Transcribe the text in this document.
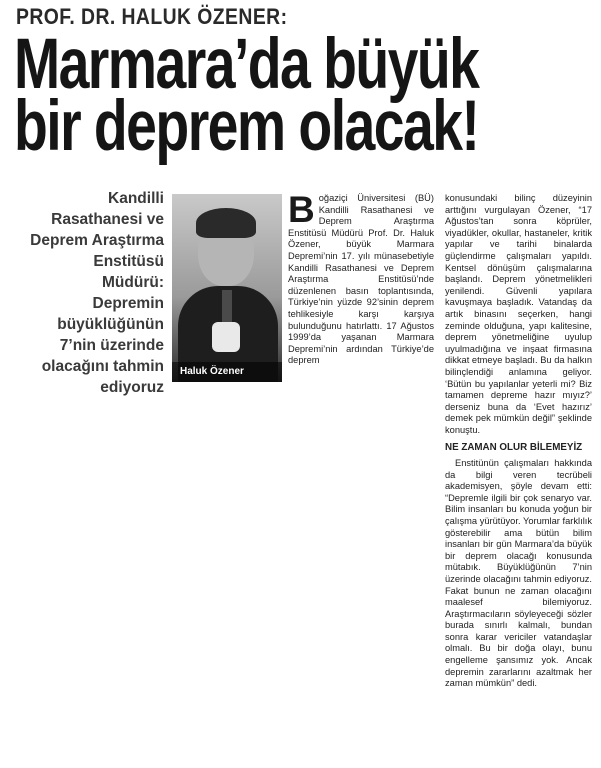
PROF. DR. HALUK ÖZENER:
Marmara’da büyük
bir deprem olacak!
Kandilli Rasathanesi ve Deprem Araştırma Enstitüsü Müdürü: Depremin büyüklüğünün 7’nin üzerinde olacağını tahmin ediyoruz
Haluk Özener
B oğaziçi Üniversitesi (BÜ) Kandilli Rasathanesi ve Deprem Araştırma Enstitüsü Müdürü Prof. Dr. Haluk Özener, büyük Marmara Depremi’nin 17. yılı münasebetiyle Kandilli Rasathanesi ve Deprem Araştırma Enstitüsü’nde düzenlenen basın toplantısında, Türkiye’nin yüzde 92’sinin deprem tehlikesiyle karşı karşıya bulunduğunu hatırlattı. 17 Ağustos 1999’da yaşanan Marmara Depremi’nin ardından Türkiye’de deprem

konusundaki bilinç düzeyinin arttığını vurgulayan Özener, “17 Ağustos’tan sonra köprüler, viyadükler, okullar, hastaneler, kritik yapılar ve tarihi binalarda güçlendirme çalışmaları yapıldı. Kentsel dönüşüm çalışmalarına başlandı. Deprem yönetmelikleri yenilendi. Güvenli yapılara kavuşmaya başladık. Vatandaş da artık binasını seçerken, hangi zeminde olduğuna, yapı kalitesine, deprem yönetmeliğine uyulup uyulmadığına ve inşaat firmasına dikkat etmeye başladı. Bu da halkın bilinçlendiği anlamına geliyor. ‘Bütün bu yapılanlar yeterli mi? Biz tamamen depreme hazır mıyız?’ derseniz buna da ‘Evet hazırız’ demek pek mümkün değil” şeklinde konuştu.

NE ZAMAN OLUR BİLEMEYİZ

Enstitünün çalışmaları hakkında da bilgi veren tecrübeli akademisyen, şöyle devam etti: “Depremle ilgili bir çok senaryo var. Bilim insanları bu konuda yoğun bir çalışma yürütüyor. Yorumlar farklılık gösterebilir ama bütün bilim insanları bir gün Marmara’da büyük bir deprem olacağı konusunda mütabık. Büyüklüğünün 7’nin üzerinde olacağını tahmin ediyoruz. Fakat bunun ne zaman olacağını maalesef bilemiyoruz. Araştırmacıların söyleyeceği sözler burada sınırlı kalmalı, bundan sonra karar vericiler vatandaşlar olmalı. Bu bir doğa olayı, bunu engelleme şansımız yok. Ancak depremin zararlarını azaltmak her zaman mümkün” dedi.
